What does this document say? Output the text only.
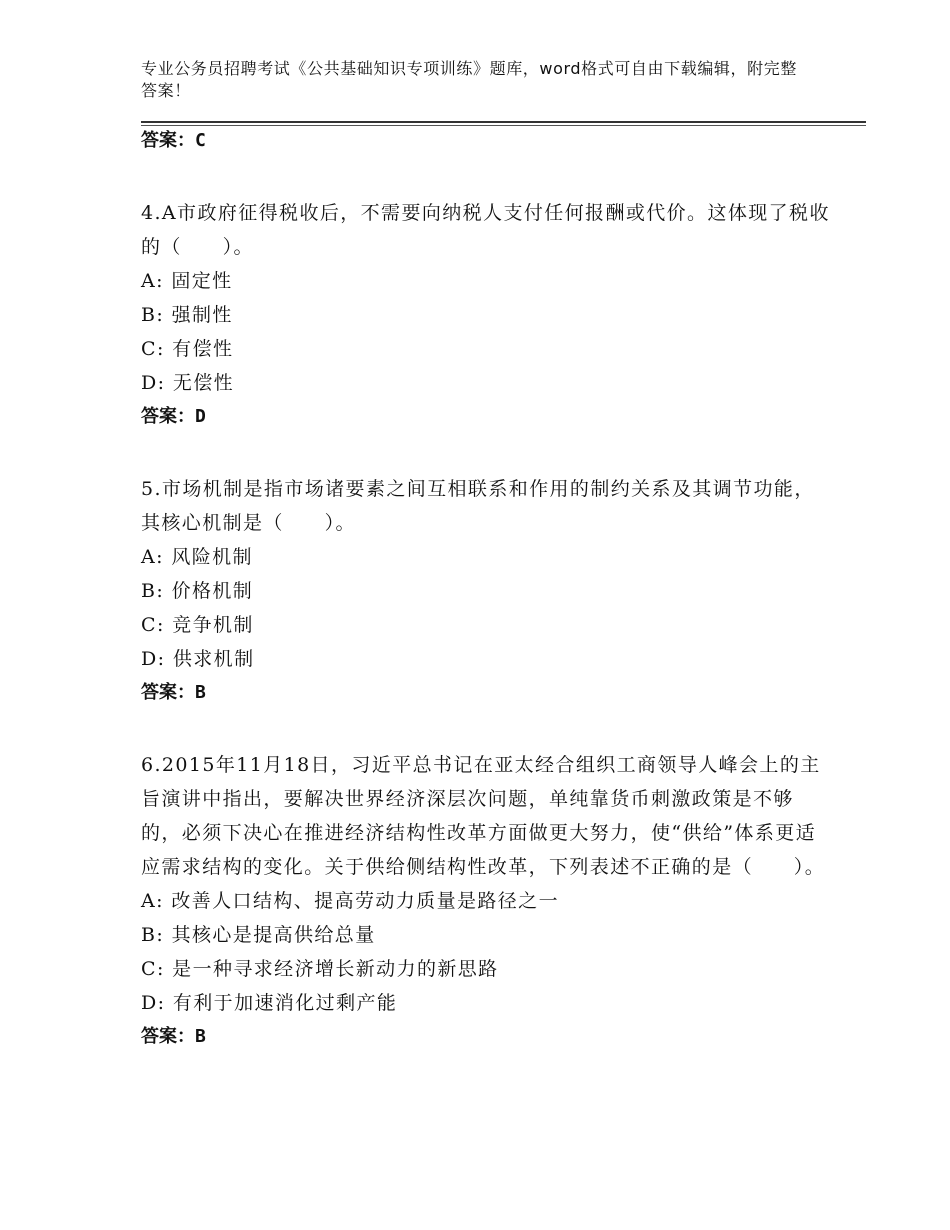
专业公务员招聘考试《公共基础知识专项训练》题库，word格式可自由下载编辑，附完整答案！

答案：C

4.A市政府征得税收后，不需要向纳税人支付任何报酬或代价。这体现了税收的（　　）。

A: 固定性

B: 强制性

C: 有偿性

D: 无偿性

答案：D

5.市场机制是指市场诸要素之间互相联系和作用的制约关系及其调节功能，其核心机制是（　　）。

A: 风险机制

B: 价格机制

C: 竞争机制

D: 供求机制

答案：B

6.2015年11月18日，习近平总书记在亚太经合组织工商领导人峰会上的主旨演讲中指出，要解决世界经济深层次问题，单纯靠货币刺激政策是不够的，必须下决心在推进经济结构性改革方面做更大努力，使“供给”体系更适应需求结构的变化。关于供给侧结构性改革，下列表述不正确的是（　　）。

A: 改善人口结构、提高劳动力质量是路径之一

B: 其核心是提高供给总量

C: 是一种寻求经济增长新动力的新思路

D: 有利于加速消化过剩产能

答案：B
